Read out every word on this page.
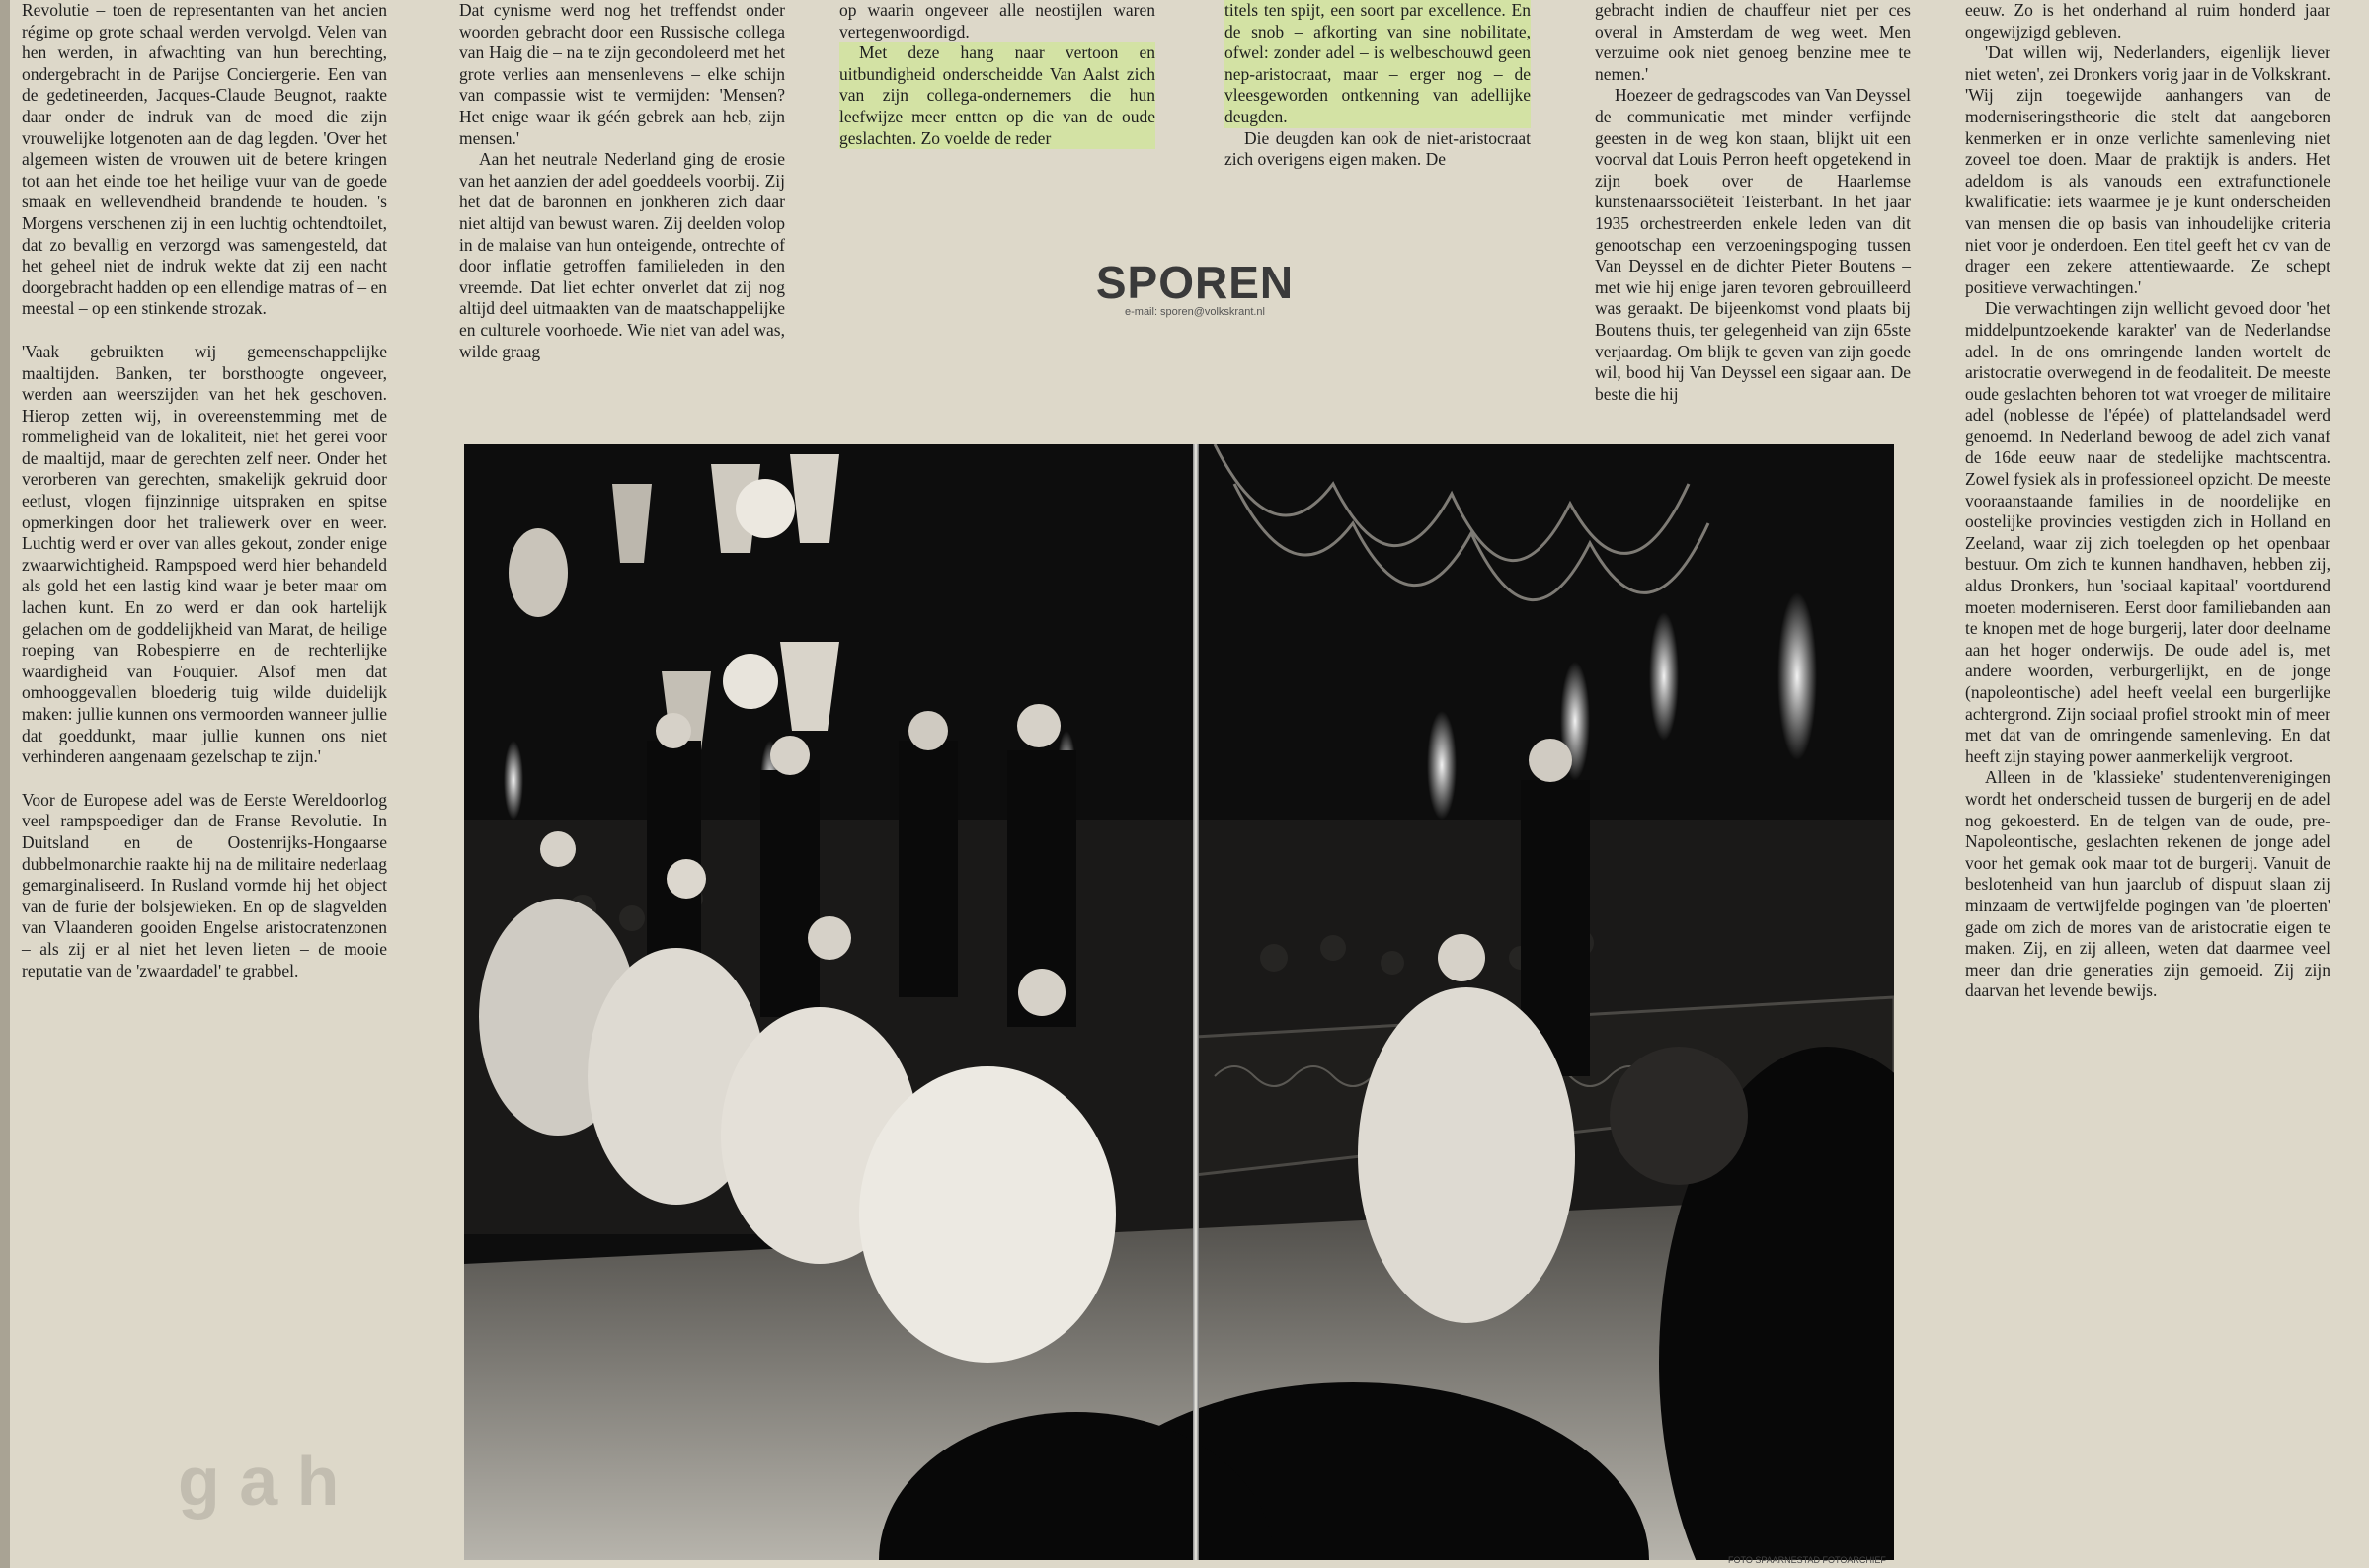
Revolutie – toen de representanten van het ancien régime op grote schaal werden vervolgd. Velen van hen werden, in afwachting van hun berechting, ondergebracht in de Parijse Conciergerie. Een van de gedetineerden, Jacques-Claude Beugnot, raakte daar onder de indruk van de moed die zijn vrouwelijke lotgenoten aan de dag legden. 'Over het algemeen wisten de vrouwen uit de betere kringen tot aan het einde toe het heilige vuur van de goede smaak en wellevendheid brandende te houden. 's Morgens verschenen zij in een luchtig ochtendtoilet, dat zo bevallig en verzorgd was samengesteld, dat het geheel niet de indruk wekte dat zij een nacht doorgebracht hadden op een ellendige matras of – en meestal – op een stinkende strozak.

'Vaak gebruikten wij gemeenschappelijke maaltijden. Banken, ter borsthoogte ongeveer, werden aan weerszijden van het hek geschoven. Hierop zetten wij, in overeenstemming met de rommeligheid van de lokaliteit, niet het gerei voor de maaltijd, maar de gerechten zelf neer. Onder het verorberen van gerechten, smakelijk gekruid door eetlust, vlogen fijnzinnige uitspraken en spitse opmerkingen door het traliewerk over en weer. Luchtig werd er over van alles gekout, zonder enige zwaarwichtigheid. Rampspoed werd hier behandeld als gold het een lastig kind waar je beter maar om lachen kunt. En zo werd er dan ook hartelijk gelachen om de goddelijkheid van Marat, de heilige roeping van Robespierre en de rechterlijke waardigheid van Fouquier. Alsof men dat omhooggevallen bloederig tuig wilde duidelijk maken: jullie kunnen ons vermoorden wanneer jullie dat goeddunkt, maar jullie kunnen ons niet verhinderen aangenaam gezelschap te zijn.'

Voor de Europese adel was de Eerste Wereldoorlog veel rampspoediger dan de Franse Revolutie. In Duitsland en de Oostenrijks-Hongaarse dubbelmonarchie raakte hij na de militaire nederlaag gemarginaliseerd. In Rusland vormde hij het object van de furie der bolsjewieken. En op de slagvelden van Vlaanderen gooiden Engelse aristocratenzonen – als zij er al niet het leven lieten – de mooie reputatie van de 'zwaardadel' te grabbel.

Dat cynisme werd nog het treffendst onder woorden gebracht door een Russische collega van Haig die – na te zijn gecondoleerd met het grote verlies aan mensenlevens – elke schijn van compassie wist te vermijden: 'Mensen? Het enige waar ik géén gebrek aan heb, zijn mensen.'

Aan het neutrale Nederland ging de erosie van het aanzien der adel goeddeels voorbij. Zij het dat de baronnen en jonkheren zich daar niet altijd van bewust waren. Zij deelden volop in de malaise van hun onteigende, ontrechte of door inflatie getroffen familieleden in den vreemde. Dat liet echter onverlet dat zij nog altijd deel uitmaakten van de maatschappelijke en culturele voorhoede. Wie niet van adel was, wilde graag

op waarin ongeveer alle neostijlen waren vertegenwoordigd.

Met deze hang naar vertoon en uitbundigheid onderscheidde Van Aalst zich van zijn collega-ondernemers die hun leefwijze meer entten op die van de oude geslachten. Zo voelde de reder

titels ten spijt, een soort par excellence. En de snob – afkorting van sine nobilitate, ofwel: zonder adel – is welbeschouwd geen nep-aristocraat, maar – erger nog – de vleesgeworden ontkenning van adellijke deugden.

Die deugden kan ook de niet-aristocraat zich overigens eigen maken. De

gebracht indien de chauffeur niet per ces overal in Amsterdam de weg weet. Men verzuime ook niet genoeg benzine mee te nemen.'

Hoezeer de gedragscodes van Van Deyssel de communicatie met minder verfijnde geesten in de weg kon staan, blijkt uit een voorval dat Louis Perron heeft opgetekend in zijn boek over de Haarlemse kunstenaarssociëteit Teisterbant. In het jaar 1935 orchestreerden enkele leden van dit genootschap een verzoeningspoging tussen Van Deyssel en de dichter Pieter Boutens – met wie hij enige jaren tevoren gebrouilleerd was geraakt. De bijeenkomst vond plaats bij Boutens thuis, ter gelegenheid van zijn 65ste verjaardag. Om blijk te geven van zijn goede wil, bood hij Van Deyssel een sigaar aan. De beste die hij

eeuw. Zo is het onderhand al ruim honderd jaar ongewijzigd gebleven.

'Dat willen wij, Nederlanders, eigenlijk liever niet weten', zei Dronkers vorig jaar in de Volkskrant. 'Wij zijn toegewijde aanhangers van de moderniseringstheorie die stelt dat aangeboren kenmerken er in onze verlichte samenleving niet zoveel toe doen. Maar de praktijk is anders. Het adeldom is als vanouds een extrafunctionele kwalificatie: iets waarmee je je kunt onderscheiden van mensen die op basis van inhoudelijke criteria niet voor je onderdoen. Een titel geeft het cv van de drager een zekere attentiewaarde. Ze schept positieve verwachtingen.'

Die verwachtingen zijn wellicht gevoed door 'het middelpuntzoekende karakter' van de Nederlandse adel. In de ons omringende landen wortelt de aristocratie overwegend in de feodaliteit. De meeste oude geslachten behoren tot wat vroeger de militaire adel (noblesse de l'épée) of plattelandsadel werd genoemd. In Nederland bewoog de adel zich vanaf de 16de eeuw naar de stedelijke machtscentra. Zowel fysiek als in professioneel opzicht. De meeste vooraanstaande families in de noordelijke en oostelijke provincies vestigden zich in Holland en Zeeland, waar zij zich toelegden op het openbaar bestuur. Om zich te kunnen handhaven, hebben zij, aldus Dronkers, hun 'sociaal kapitaal' voortdurend moeten moderniseren. Eerst door familiebanden aan te knopen met de hoge burgerij, later door deelname aan het hoger onderwijs. De oude adel is, met andere woorden, verburgerlijkt, en de jonge (napoleontische) adel heeft veelal een burgerlijke achtergrond. Zijn sociaal profiel strookt min of meer met dat van de omringende samenleving. En dat heeft zijn staying power aanmerkelijk vergroot.

Alleen in de 'klassieke' studentenverenigingen wordt het onderscheid tussen de burgerij en de adel nog gekoesterd. En de telgen van de oude, pre-Napoleontische, geslachten rekenen de jonge adel voor het gemak ook maar tot de burgerij. Vanuit de beslotenheid van hun jaarclub of dispuut slaan zij minzaam de vertwijfelde pogingen van 'de ploerten' gade om zich de mores van de aristocratie eigen te maken. Zij, en zij alleen, weten dat daarmee veel meer dan drie generaties zijn gemoeid. Zij zijn daarvan het levende bewijs.

SPOREN
e-mail: sporen@volkskrant.nl
g a h
FOTO SPAARNESTAD FOTOARCHIEF
